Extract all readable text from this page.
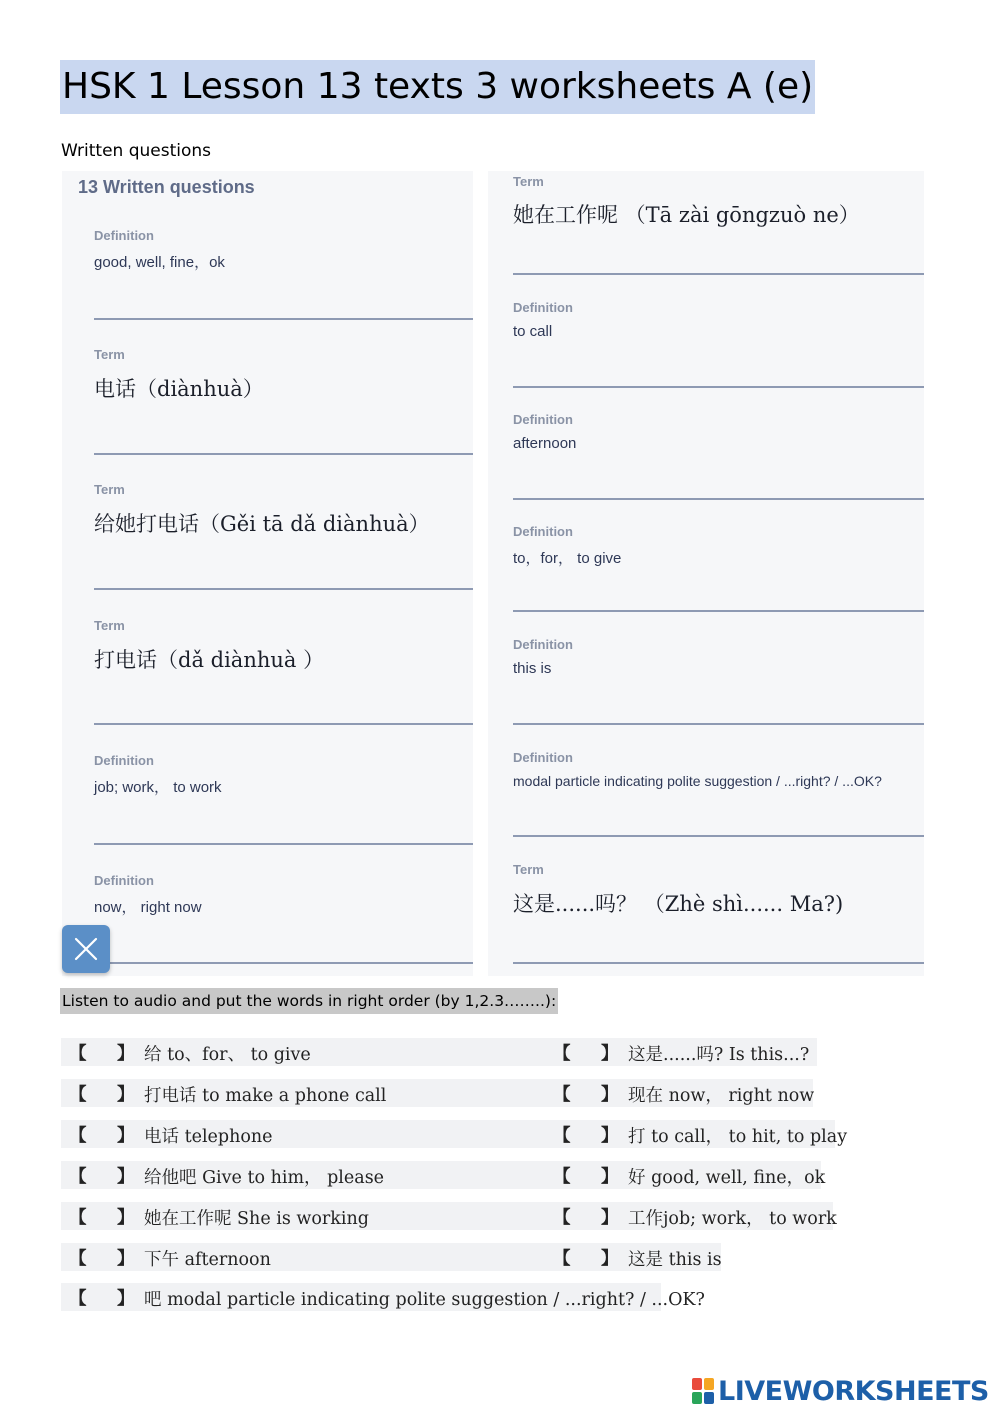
HSK 1 Lesson 13 texts 3 worksheets A (e)
Written questions
13 Written questions
Definition
good, well, fine，ok
Term
电话（diànhuà）
Term
给她打电话（Gěi tā dǎ diànhuà）
Term
打电话（dǎ diànhuà ）
Definition
job; work， to work
Definition
now， right now
Term
她在工作呢 （Tā zài gōngzuò ne）
Definition
to call
Definition
afternoon
Definition
to，for， to give
Definition
this is
Definition
modal particle indicating polite suggestion / ...right? / ...OK?
Term
这是......吗？ （Zhè shì...... Ma?)
Listen to audio and put the words in right order (by 1,2.3……..):
【 】 给 to、for、 to give
【 】 打电话 to make a phone call
【 】 电话 telephone
【 】 给他吧 Give to him， please
【 】 她在工作呢 She is working
【 】 下午 afternoon
【 】 吧 modal particle indicating polite suggestion / ...right? / ...OK?
【 】 这是......吗? Is this...?
【 】 现在 now， right now
【 】 打 to call， to hit, to play
【 】 好 good, well, fine，ok
【 】 工作job; work， to work
【 】 这是 this is
LIVEWORKSHEETS
